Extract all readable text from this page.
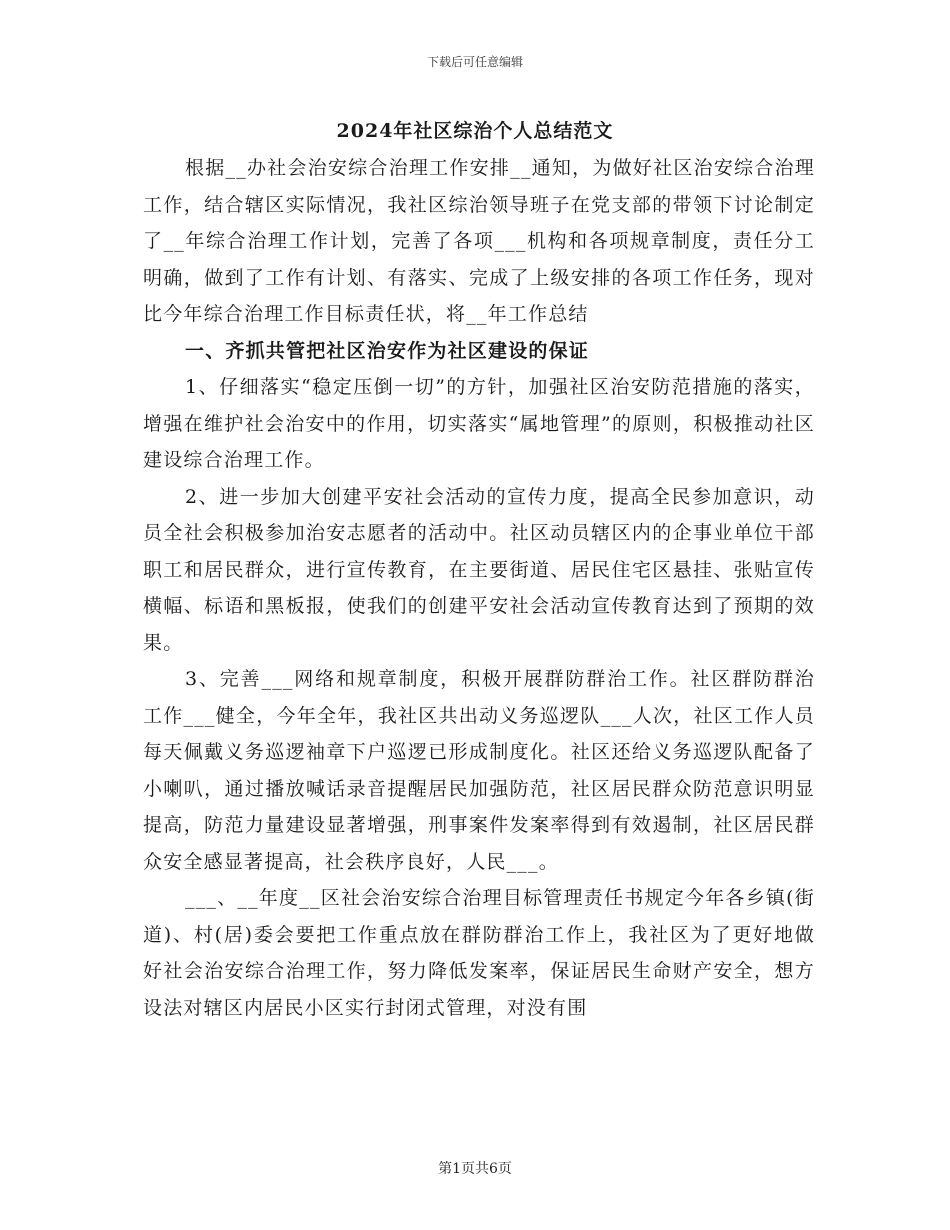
下载后可任意编辑
2024年社区综治个人总结范文

根据__办社会治安综合治理工作安排__通知，为做好社区治安综合治理工作，结合辖区实际情况，我社区综治领导班子在党支部的带领下讨论制定了__年综合治理工作计划，完善了各项___机构和各项规章制度，责任分工明确，做到了工作有计划、有落实、完成了上级安排的各项工作任务，现对比今年综合治理工作目标责任状，将__年工作总结

一、齐抓共管把社区治安作为社区建设的保证

1、仔细落实“稳定压倒一切”的方针，加强社区治安防范措施的落实，增强在维护社会治安中的作用，切实落实“属地管理”的原则，积极推动社区建设综合治理工作。

2、进一步加大创建平安社会活动的宣传力度，提高全民参加意识，动员全社会积极参加治安志愿者的活动中。社区动员辖区内的企事业单位干部职工和居民群众，进行宣传教育，在主要街道、居民住宅区悬挂、张贴宣传横幅、标语和黑板报，使我们的创建平安社会活动宣传教育达到了预期的效果。

3、完善___网络和规章制度，积极开展群防群治工作。社区群防群治工作___健全，今年全年，我社区共出动义务巡逻队___人次，社区工作人员每天佩戴义务巡逻袖章下户巡逻已形成制度化。社区还给义务巡逻队配备了小喇叭，通过播放喊话录音提醒居民加强防范，社区居民群众防范意识明显提高，防范力量建设显著增强，刑事案件发案率得到有效遏制，社区居民群众安全感显著提高，社会秩序良好，人民___。

___、__年度__区社会治安综合治理目标管理责任书规定今年各乡镇(街道)、村(居)委会要把工作重点放在群防群治工作上，我社区为了更好地做好社会治安综合治理工作，努力降低发案率，保证居民生命财产安全，想方设法对辖区内居民小区实行封闭式管理，对没有围

第1页共6页
